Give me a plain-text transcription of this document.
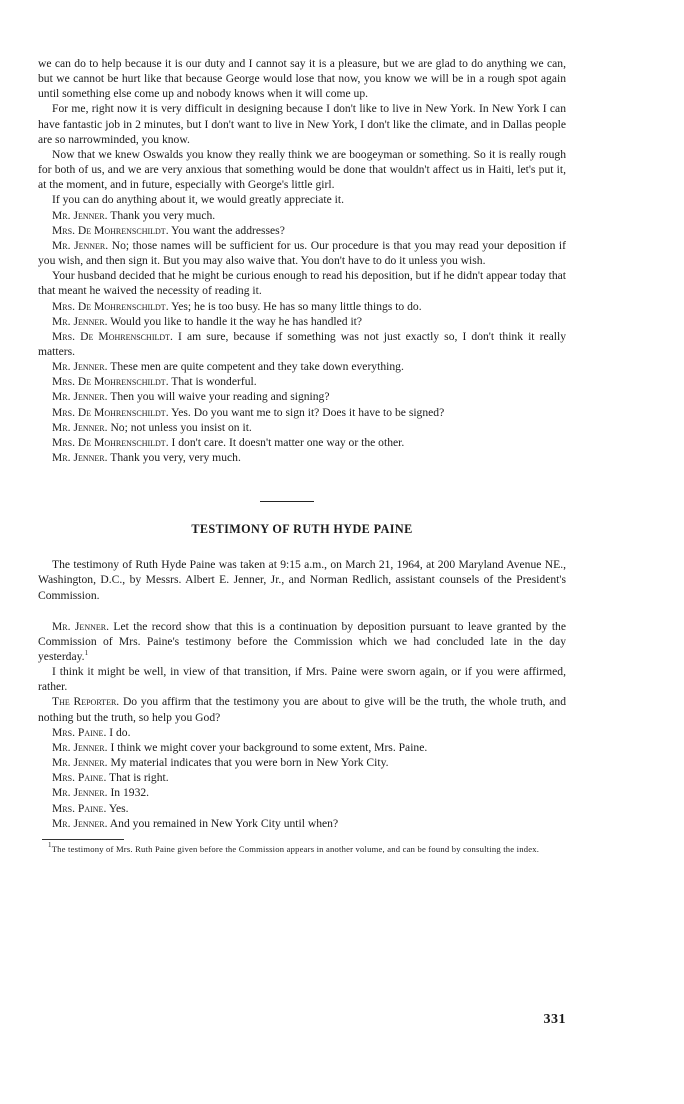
we can do to help because it is our duty and I cannot say it is a pleasure, but we are glad to do anything we can, but we cannot be hurt like that because George would lose that now, you know we will be in a rough spot again until something else come up and nobody knows when it will come up.

For me, right now it is very difficult in designing because I don't like to live in New York. In New York I can have fantastic job in 2 minutes, but I don't want to live in New York, I don't like the climate, and in Dallas people are so narrowminded, you know.

Now that we knew Oswalds you know they really think we are boogeyman or something. So it is really rough for both of us, and we are very anxious that something would be done that wouldn't affect us in Haiti, let's put it, at the moment, and in future, especially with George's little girl.

If you can do anything about it, we would greatly appreciate it.

Mr. Jenner. Thank you very much.

Mrs. De Mohrenschildt. You want the addresses?

Mr. Jenner. No; those names will be sufficient for us. Our procedure is that you may read your deposition if you wish, and then sign it. But you may also waive that. You don't have to do it unless you wish.

Your husband decided that he might be curious enough to read his deposition, but if he didn't appear today that that meant he waived the necessity of reading it.

Mrs. De Mohrenschildt. Yes; he is too busy. He has so many little things to do.

Mr. Jenner. Would you like to handle it the way he has handled it?

Mrs. De Mohrenschildt. I am sure, because if something was not just exactly so, I don't think it really matters.

Mr. Jenner. These men are quite competent and they take down everything.

Mrs. De Mohrenschildt. That is wonderful.

Mr. Jenner. Then you will waive your reading and signing?

Mrs. De Mohrenschildt. Yes. Do you want me to sign it? Does it have to be signed?

Mr. Jenner. No; not unless you insist on it.

Mrs. De Mohrenschildt. I don't care. It doesn't matter one way or the other.

Mr. Jenner. Thank you very, very much.

TESTIMONY OF RUTH HYDE PAINE

The testimony of Ruth Hyde Paine was taken at 9:15 a.m., on March 21, 1964, at 200 Maryland Avenue NE., Washington, D.C., by Messrs. Albert E. Jenner, Jr., and Norman Redlich, assistant counsels of the President's Commission.

Mr. Jenner. Let the record show that this is a continuation by deposition pursuant to leave granted by the Commission of Mrs. Paine's testimony before the Commission which we had concluded late in the day yesterday.$^1$

I think it might be well, in view of that transition, if Mrs. Paine were sworn again, or if you were affirmed, rather.

The Reporter. Do you affirm that the testimony you are about to give will be the truth, the whole truth, and nothing but the truth, so help you God?

Mrs. Paine. I do.

Mr. Jenner. I think we might cover your background to some extent, Mrs. Paine.

Mr. Jenner. My material indicates that you were born in New York City.

Mrs. Paine. That is right.

Mr. Jenner. In 1932.

Mrs. Paine. Yes.

Mr. Jenner. And you remained in New York City until when?

$^1$The testimony of Mrs. Ruth Paine given before the Commission appears in another volume, and can be found by consulting the index.

331
